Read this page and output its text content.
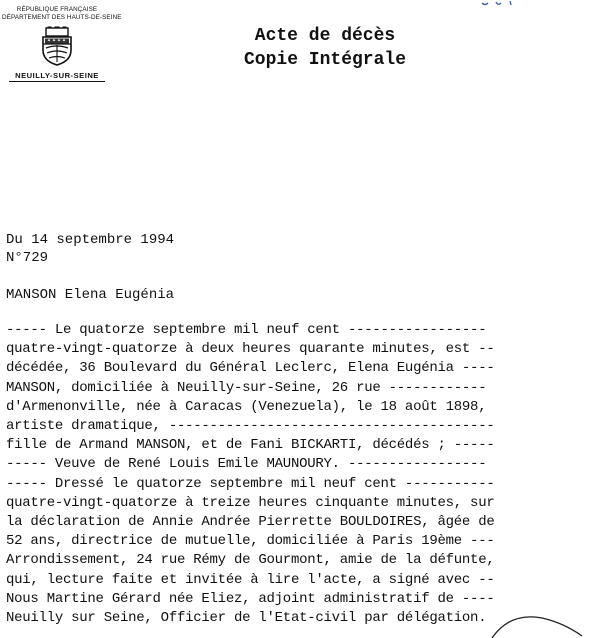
RÉPUBLIQUE FRANÇAISE
DÉPARTEMENT DES HAUTS-DE-SEINE
NEUILLY-SUR-SEINE
Acte de décès
Copie Intégrale
Du 14 septembre 1994
N°729
MANSON Elena Eugénia
----- Le quatorze septembre mil neuf cent -----------------
quatre-vingt-quatorze à deux heures quarante minutes, est --
décédée, 36 Boulevard du Général Leclerc, Elena Eugénia ----
MANSON, domiciliée à Neuilly-sur-Seine, 26 rue ------------
d'Armenonville, née à Caracas (Venezuela), le 18 août 1898,
artiste dramatique, ----------------------------------------
fille de Armand MANSON, et de Fani BICKARTI, décédés ; -----
----- Veuve de René Louis Emile MAUNOURY. -----------------
----- Dressé le quatorze septembre mil neuf cent -----------
quatre-vingt-quatorze à treize heures cinquante minutes, sur
la déclaration de Annie Andrée Pierrette BOULDOIRES, âgée de
52 ans, directrice de mutuelle, domiciliée à Paris 19ème ---
Arrondissement, 24 rue Rémy de Gourmont, amie de la défunte,
qui, lecture faite et invitée à lire l'acte, a signé avec --
Nous Martine Gérard née Eliez, adjoint administratif de ----
Neuilly sur Seine, Officier de l'Etat-civil par délégation.
